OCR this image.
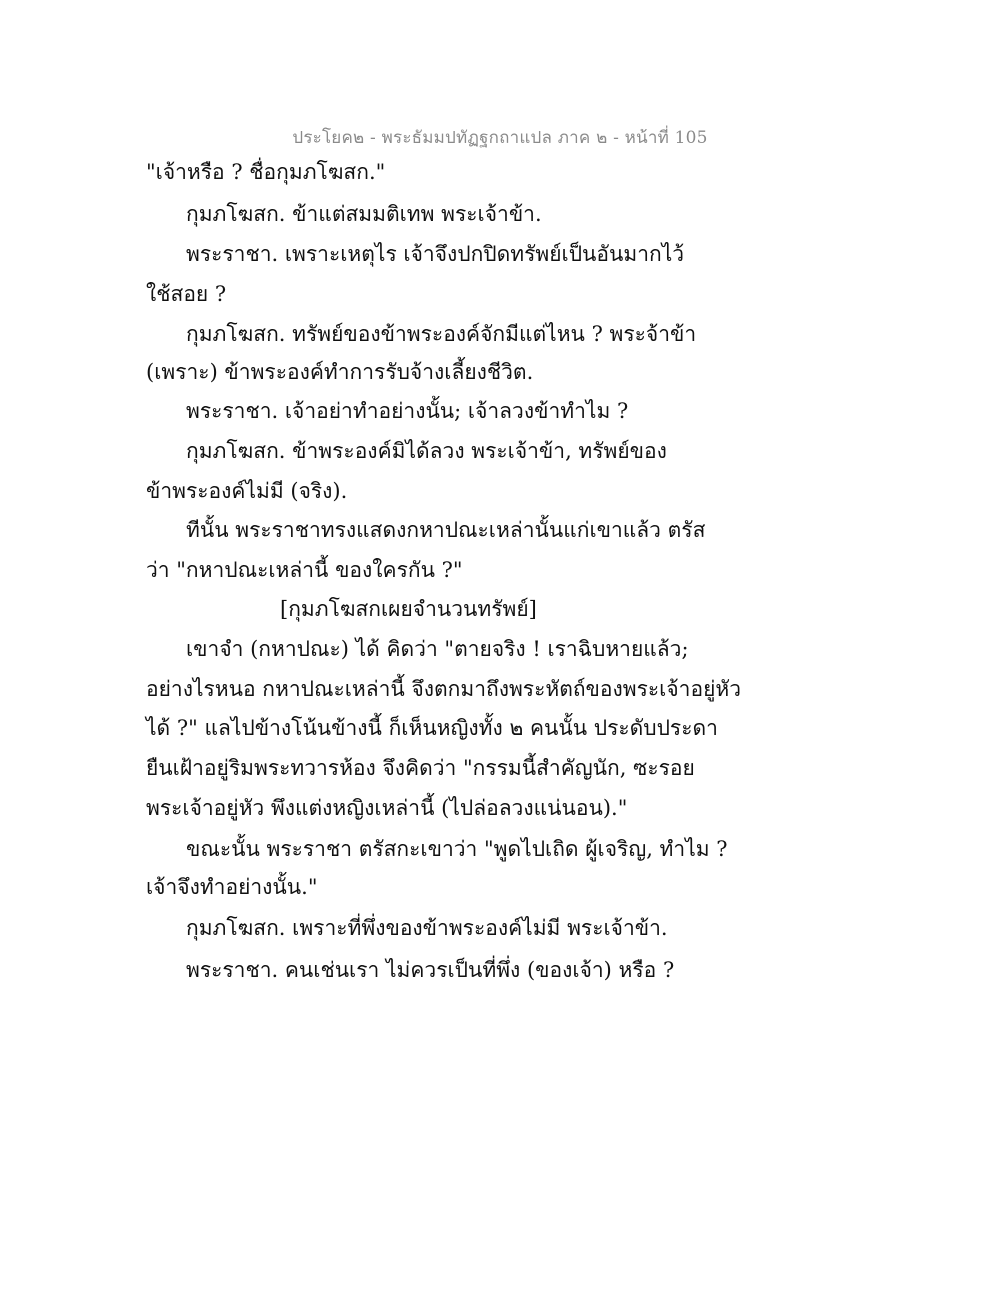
ประโยค๒ - พระธัมมปทัฏฐกถาแปล ภาค ๒ - หน้าที่ 105
"เจ้าหรือ ? ชื่อกุมภโฆสก."
กุมภโฆสก. ข้าแต่สมมติเทพ พระเจ้าข้า.
พระราชา. เพราะเหตุไร เจ้าจึงปกปิดทรัพย์เป็นอันมากไว้
ใช้สอย ?
กุมภโฆสก. ทรัพย์ของข้าพระองค์จักมีแต่ไหน ? พระจ้าข้า
(เพราะ) ข้าพระองค์ทำการรับจ้างเลี้ยงชีวิต.
พระราชา. เจ้าอย่าทำอย่างนั้น; เจ้าลวงข้าทำไม ?
กุมภโฆสก. ข้าพระองค์มิได้ลวง พระเจ้าข้า, ทรัพย์ของ
ข้าพระองค์ไม่มี (จริง).
ทีนั้น พระราชาทรงแสดงกหาปณะเหล่านั้นแก่เขาแล้ว ตรัส
ว่า "กหาปณะเหล่านี้ ของใครกัน ?"
[กุมภโฆสกเผยจำนวนทรัพย์]
เขาจำ (กหาปณะ) ได้ คิดว่า "ตายจริง ! เราฉิบหายแล้ว;
อย่างไรหนอ กหาปณะเหล่านี้ จึงตกมาถึงพระหัตถ์ของพระเจ้าอยู่หัว
ได้ ?" แลไปข้างโน้นข้างนี้ ก็เห็นหญิงทั้ง ๒ คนนั้น ประดับประดา
ยืนเฝ้าอยู่ริมพระทวารห้อง จึงคิดว่า "กรรมนี้สำคัญนัก, ซะรอย
พระเจ้าอยู่หัว พึงแต่งหญิงเหล่านี้ (ไปล่อลวงแน่นอน)."
ขณะนั้น พระราชา ตรัสกะเขาว่า "พูดไปเถิด ผู้เจริญ, ทำไม ?
เจ้าจึงทำอย่างนั้น."
กุมภโฆสก. เพราะที่พึ่งของข้าพระองค์ไม่มี พระเจ้าข้า.
พระราชา. คนเช่นเรา ไม่ควรเป็นที่พึ่ง (ของเจ้า) หรือ ?
